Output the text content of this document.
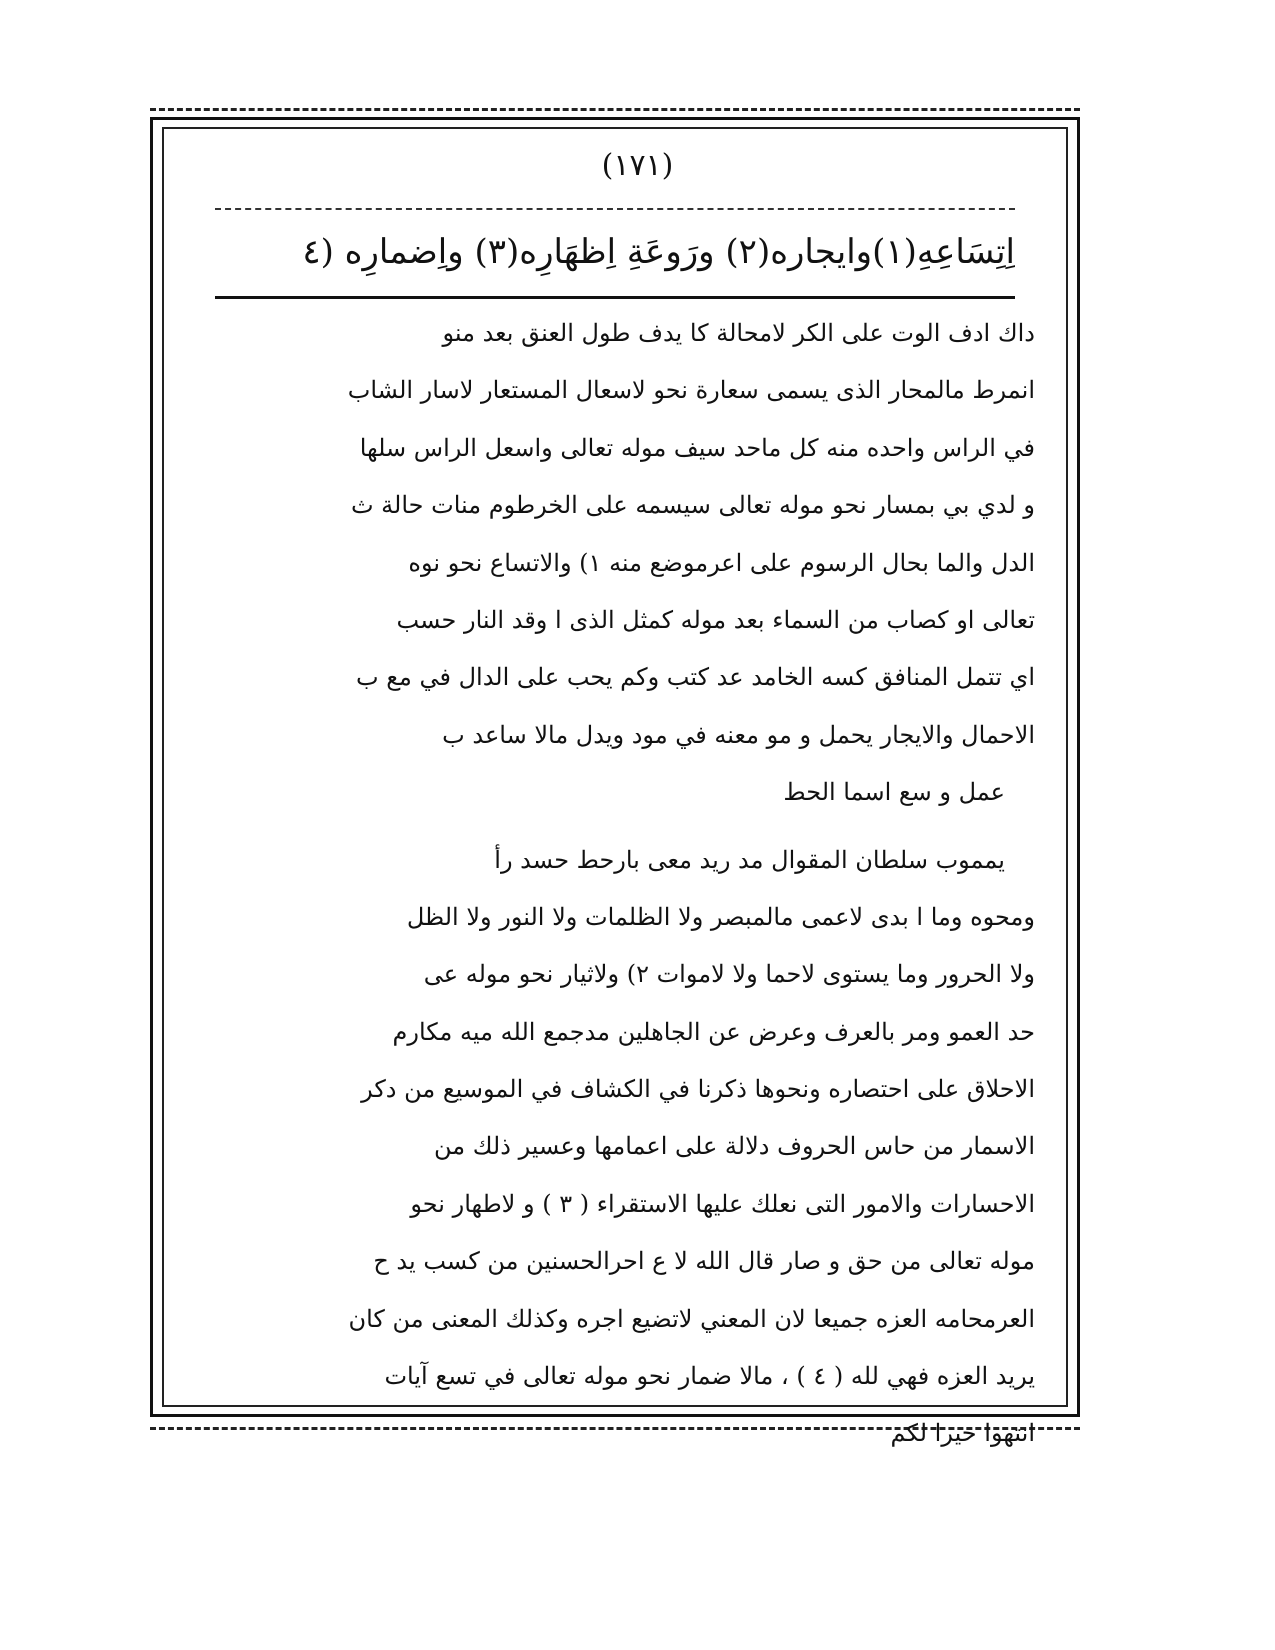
(١٧١)
اِتِسَاعِهِ(١)وايجاره(٢) ورَوعَةِ اِظهَارِه(٣) واِضمارِه (٤
داك ادف الوت على الكر لامحالة كا يدف طول العنق بعد منو
انمرط مالمحار الذى يسمى سعارة نحو لاسعال المستعار لاسار الشاب
في الراس واحده منه كل ماحد سيف موله تعالى واسعل الراس سلها
و لدي بي بمسار نحو موله تعالى سيسمه على الخرطوم منات حالة ث
الدل والما بحال الرسوم على اعرموضع منه ١) والاتساع نحو نوه
تعالى او كصاب من السماء بعد موله كمثل الذى ا وقد النار حسب
اي تتمل المنافق كسه الخامد عد كتب وكم يحب على الدال في مع ب
الاحمال والايجار يحمل و مو معنه في مود ويدل مالا ساعد ب
عمل و سع اسما الحط
يمموب سلطان المقوال مد ريد معى بارحط حسد رأ
ومحوه وما ا بدى لاعمى مالمبصر ولا الظلمات ولا النور ولا الظل
ولا الحرور وما يستوى لاحما ولا لاموات ٢) ولاثيار نحو موله عى
حد العمو ومر بالعرف وعرض عن الجاهلين مدجمع الله ميه مكارم
الاحلاق على احتصاره ونحوها ذكرنا في الكشاف في الموسيع من دكر
الاسمار من حاس الحروف دلالة على اعمامها وعسير ذلك من
الاحسارات والامور التى نعلك عليها الاستقراء ( ٣ ) و لاطهار نحو
موله تعالى من حق و صار قال الله لا ع احرالحسنين من كسب يد ح
العرمحامه العزه جميعا لان المعني لاتضيع اجره وكذلك المعنى من كان
يريد العزه فهي لله ( ٤ ) ، مالا ضمار نحو موله تعالى في تسع آيات
انتهوا حيرا لكم
